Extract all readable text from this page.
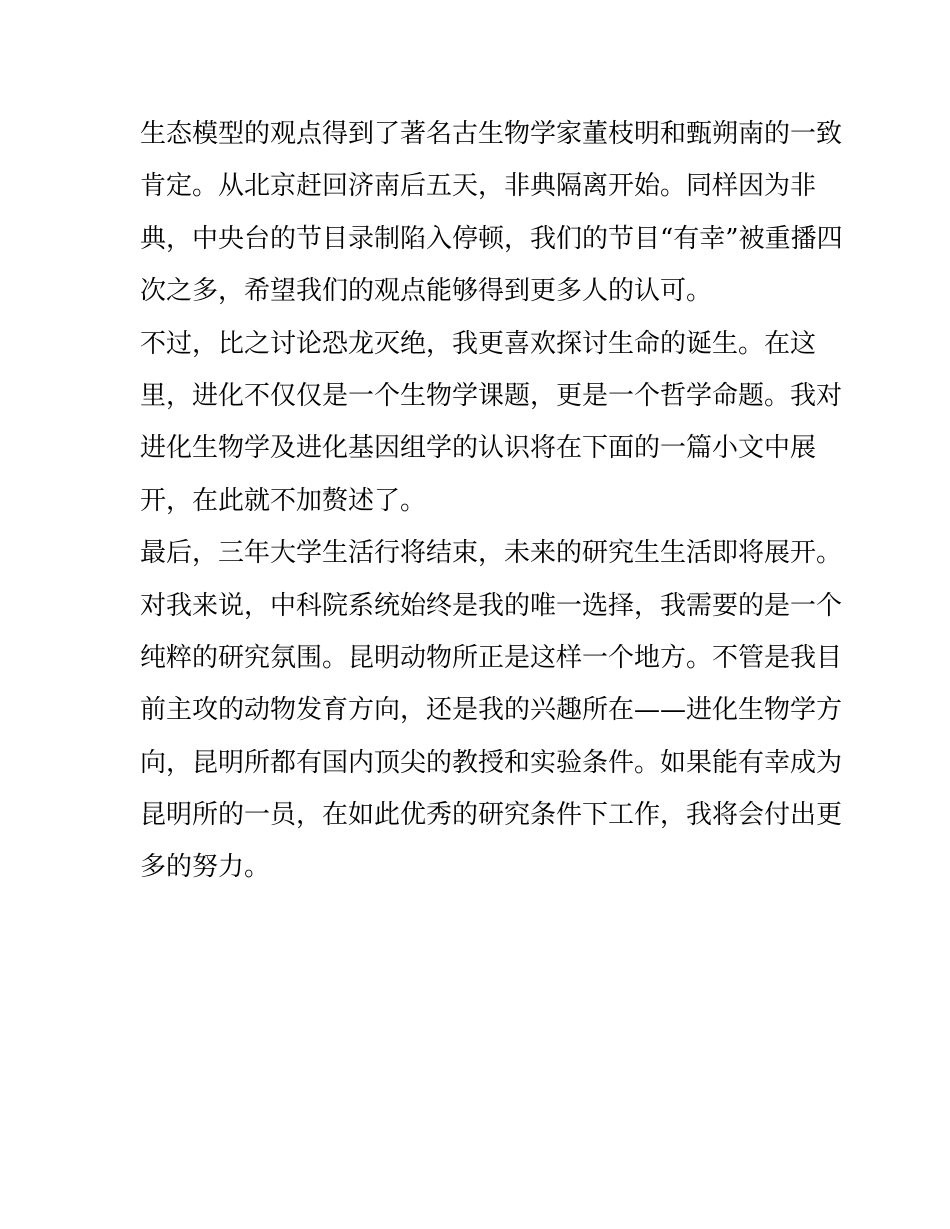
生态模型的观点得到了著名古生物学家董枝明和甄朔南的一致
肯定。从北京赶回济南后五天，非典隔离开始。同样因为非
典，中央台的节目录制陷入停顿，我们的节目“有幸”被重播四
次之多，希望我们的观点能够得到更多人的认可。
不过，比之讨论恐龙灭绝，我更喜欢探讨生命的诞生。在这
里，进化不仅仅是一个生物学课题，更是一个哲学命题。我对
进化生物学及进化基因组学的认识将在下面的一篇小文中展
开，在此就不加赘述了。
最后，三年大学生活行将结束，未来的研究生生活即将展开。
对我来说，中科院系统始终是我的唯一选择，我需要的是一个
纯粹的研究氛围。昆明动物所正是这样一个地方。不管是我目
前主攻的动物发育方向，还是我的兴趣所在——进化生物学方
向，昆明所都有国内顶尖的教授和实验条件。如果能有幸成为
昆明所的一员，在如此优秀的研究条件下工作，我将会付出更
多的努力。
